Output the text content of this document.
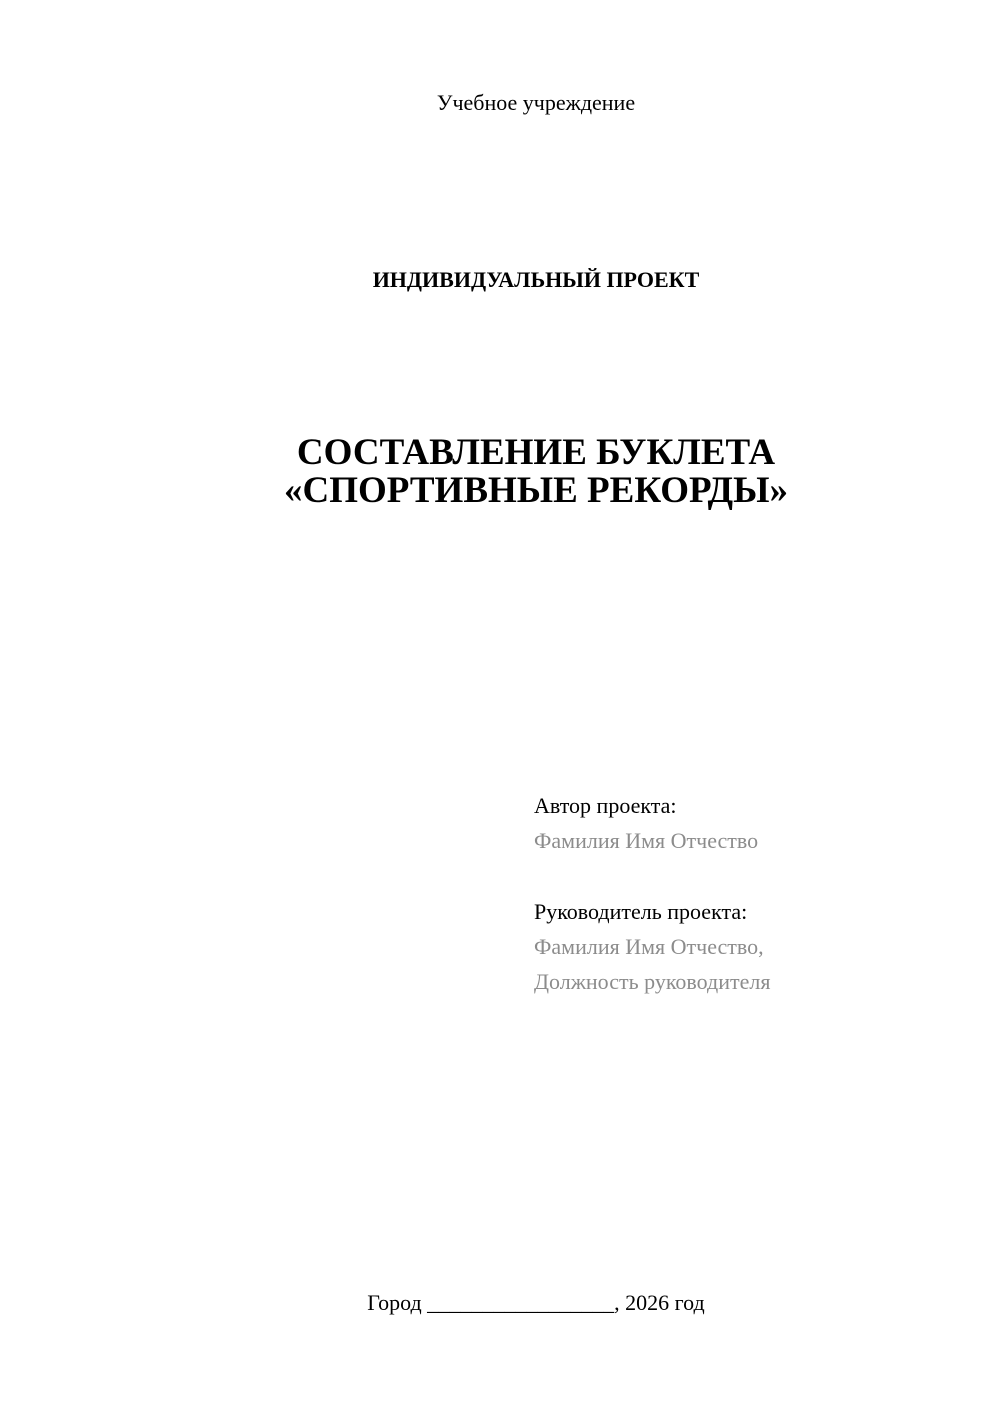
Учебное учреждение
ИНДИВИДУАЛЬНЫЙ ПРОЕКТ
СОСТАВЛЕНИЕ БУКЛЕТА
«СПОРТИВНЫЕ РЕКОРДЫ»
Автор проекта:
Фамилия Имя Отчество
Руководитель проекта:
Фамилия Имя Отчество,
Должность руководителя
Город _________________, 2026 год
